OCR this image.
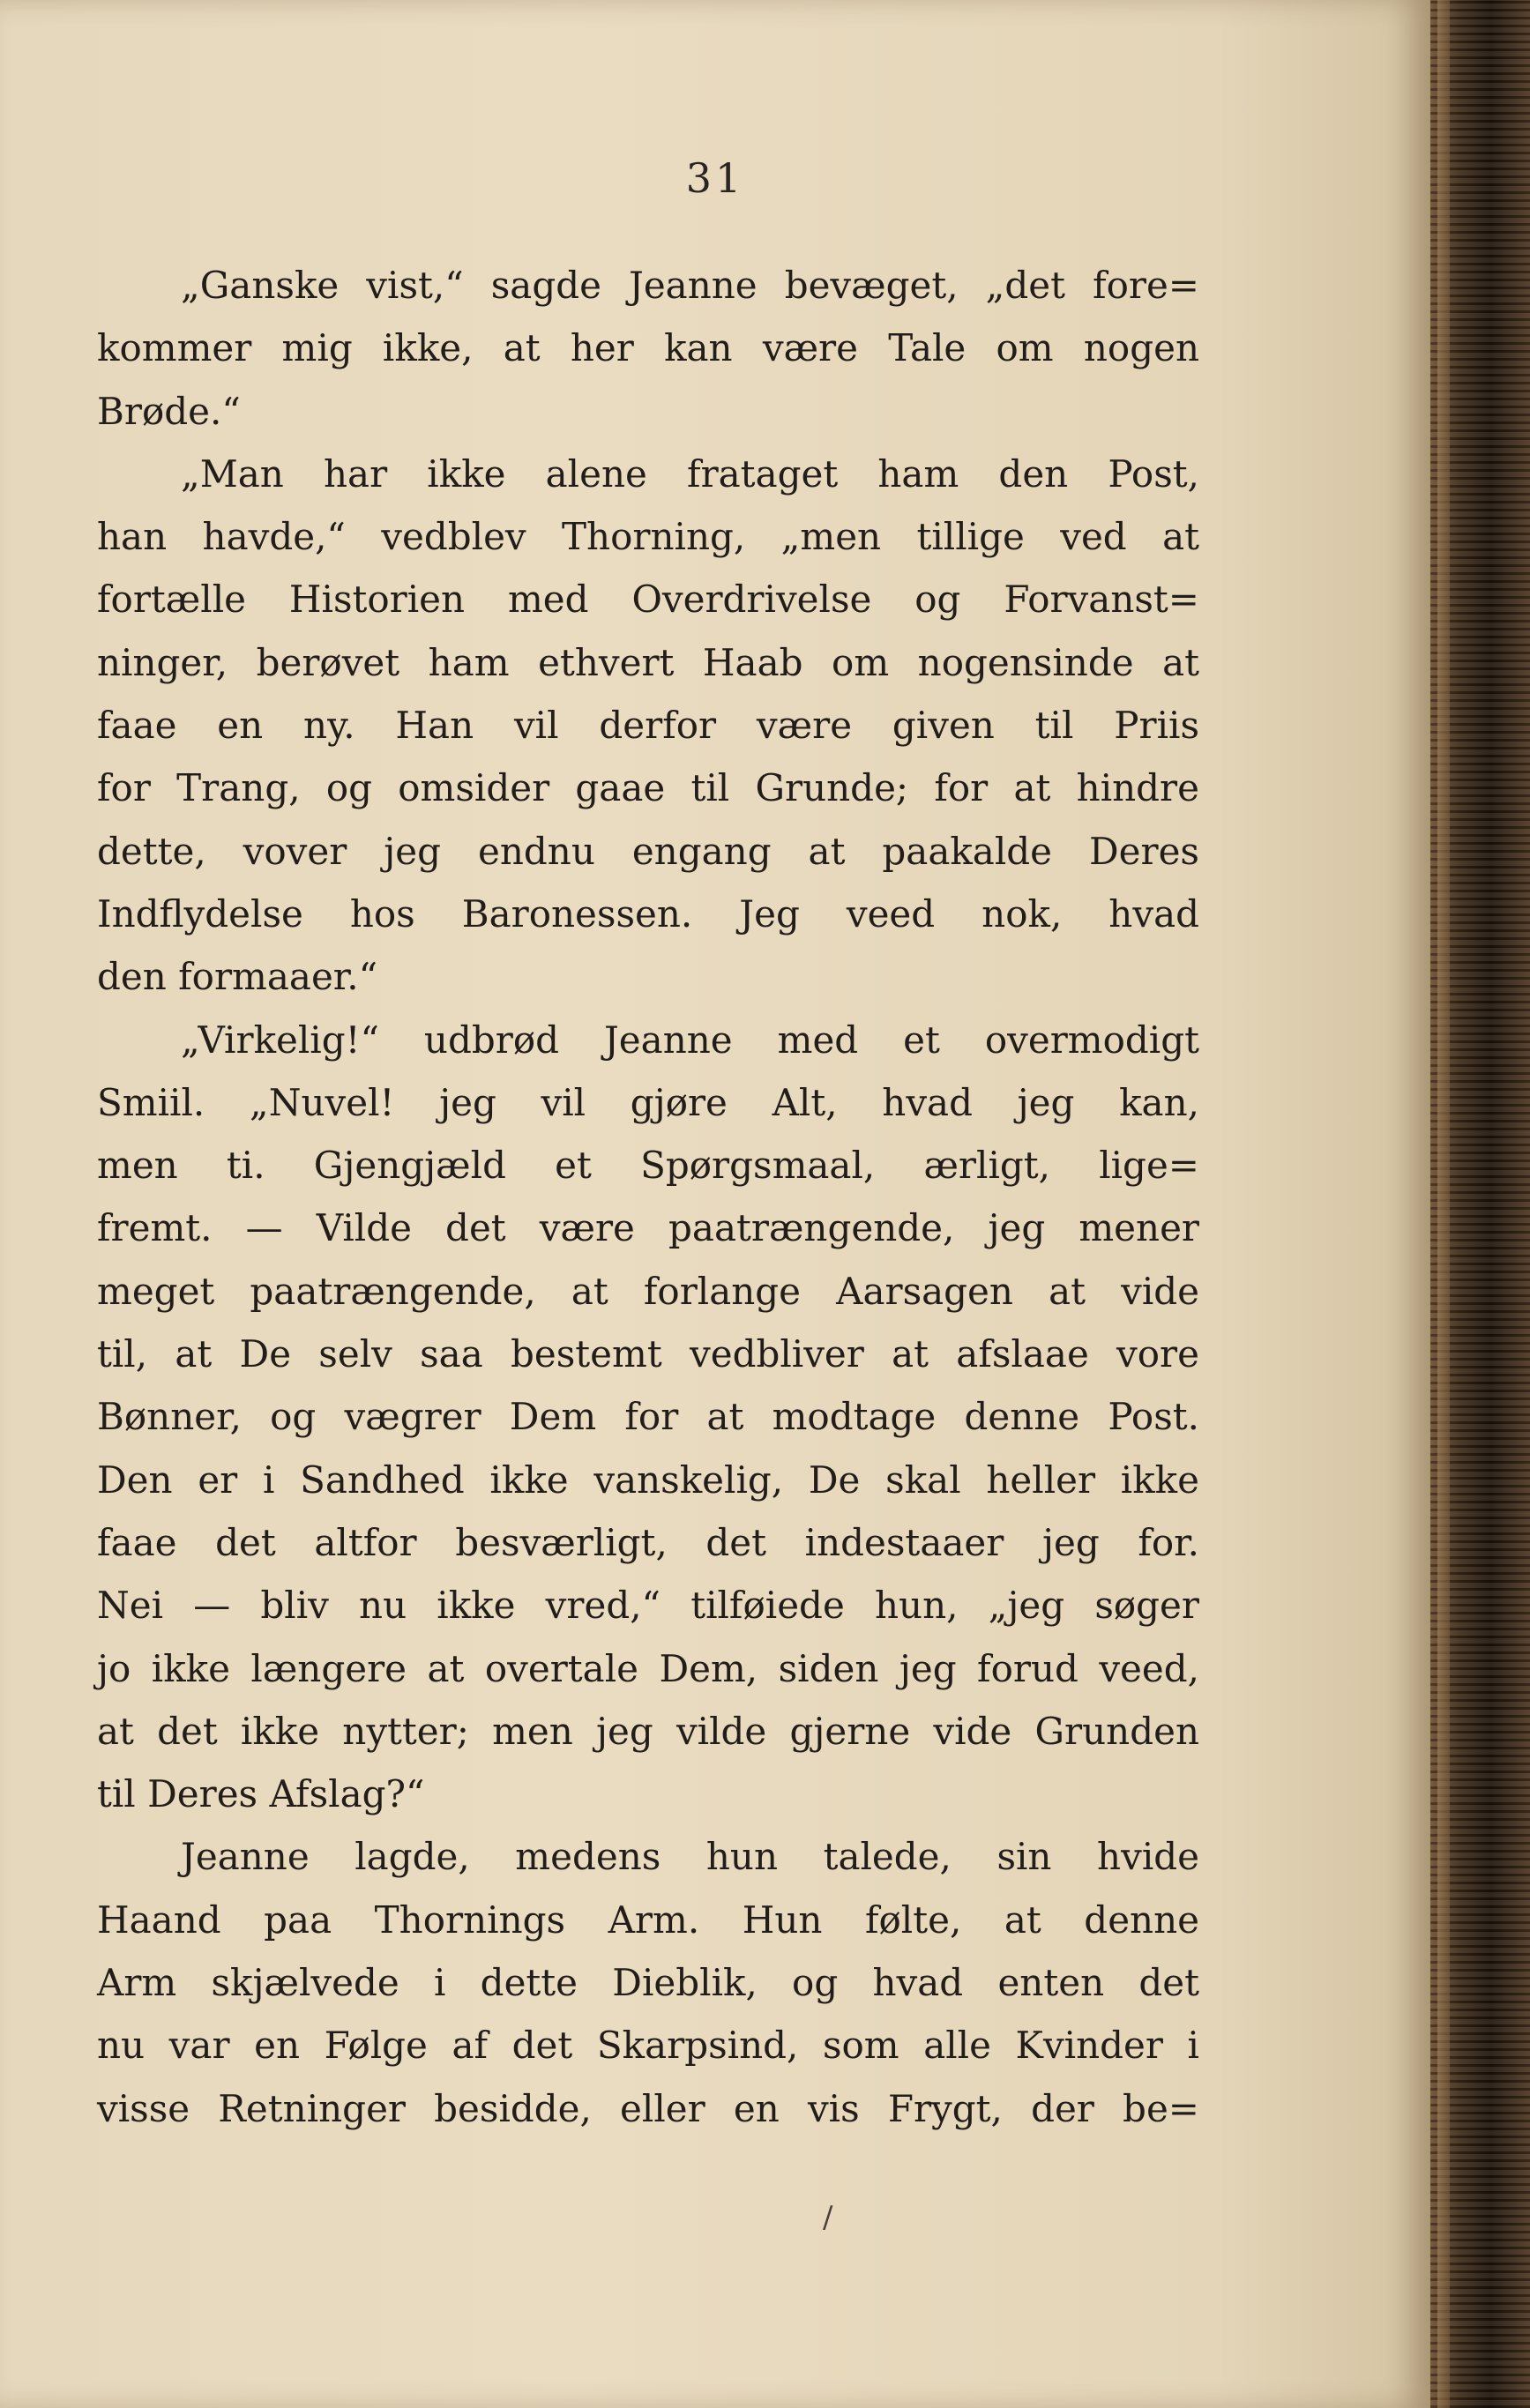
31
„Ganske vist,“ sagde Jeanne bevæget, „det fore=
kommer mig ikke, at her kan være Tale om nogen
Brøde.“
„Man har ikke alene frataget ham den Post,
han havde,“ vedblev Thorning, „men tillige ved at
fortælle Historien med Overdrivelse og Forvanst=
ninger, berøvet ham ethvert Haab om nogensinde at
faae en ny. Han vil derfor være given til Priis
for Trang, og omsider gaae til Grunde; for at hindre
dette, vover jeg endnu engang at paakalde Deres
Indflydelse hos Baronessen. Jeg veed nok, hvad
den formaaer.“
„Virkelig!“ udbrød Jeanne med et overmodigt
Smiil. „Nuvel! jeg vil gjøre Alt, hvad jeg kan,
men ti. Gjengjæld et Spørgsmaal, ærligt, lige=
fremt. — Vilde det være paatrængende, jeg mener
meget paatrængende, at forlange Aarsagen at vide
til, at De selv saa bestemt vedbliver at afslaae vore
Bønner, og vægrer Dem for at modtage denne Post.
Den er i Sandhed ikke vanskelig, De skal heller ikke
faae det altfor besværligt, det indestaaer jeg for.
Nei — bliv nu ikke vred,“ tilføiede hun, „jeg søger
jo ikke længere at overtale Dem, siden jeg forud veed,
at det ikke nytter; men jeg vilde gjerne vide Grunden
til Deres Afslag?“
Jeanne lagde, medens hun talede, sin hvide
Haand paa Thornings Arm. Hun følte, at denne
Arm skjælvede i dette Dieblik, og hvad enten det
nu var en Følge af det Skarpsind, som alle Kvinder i
visse Retninger besidde, eller en vis Frygt, der be=
/
